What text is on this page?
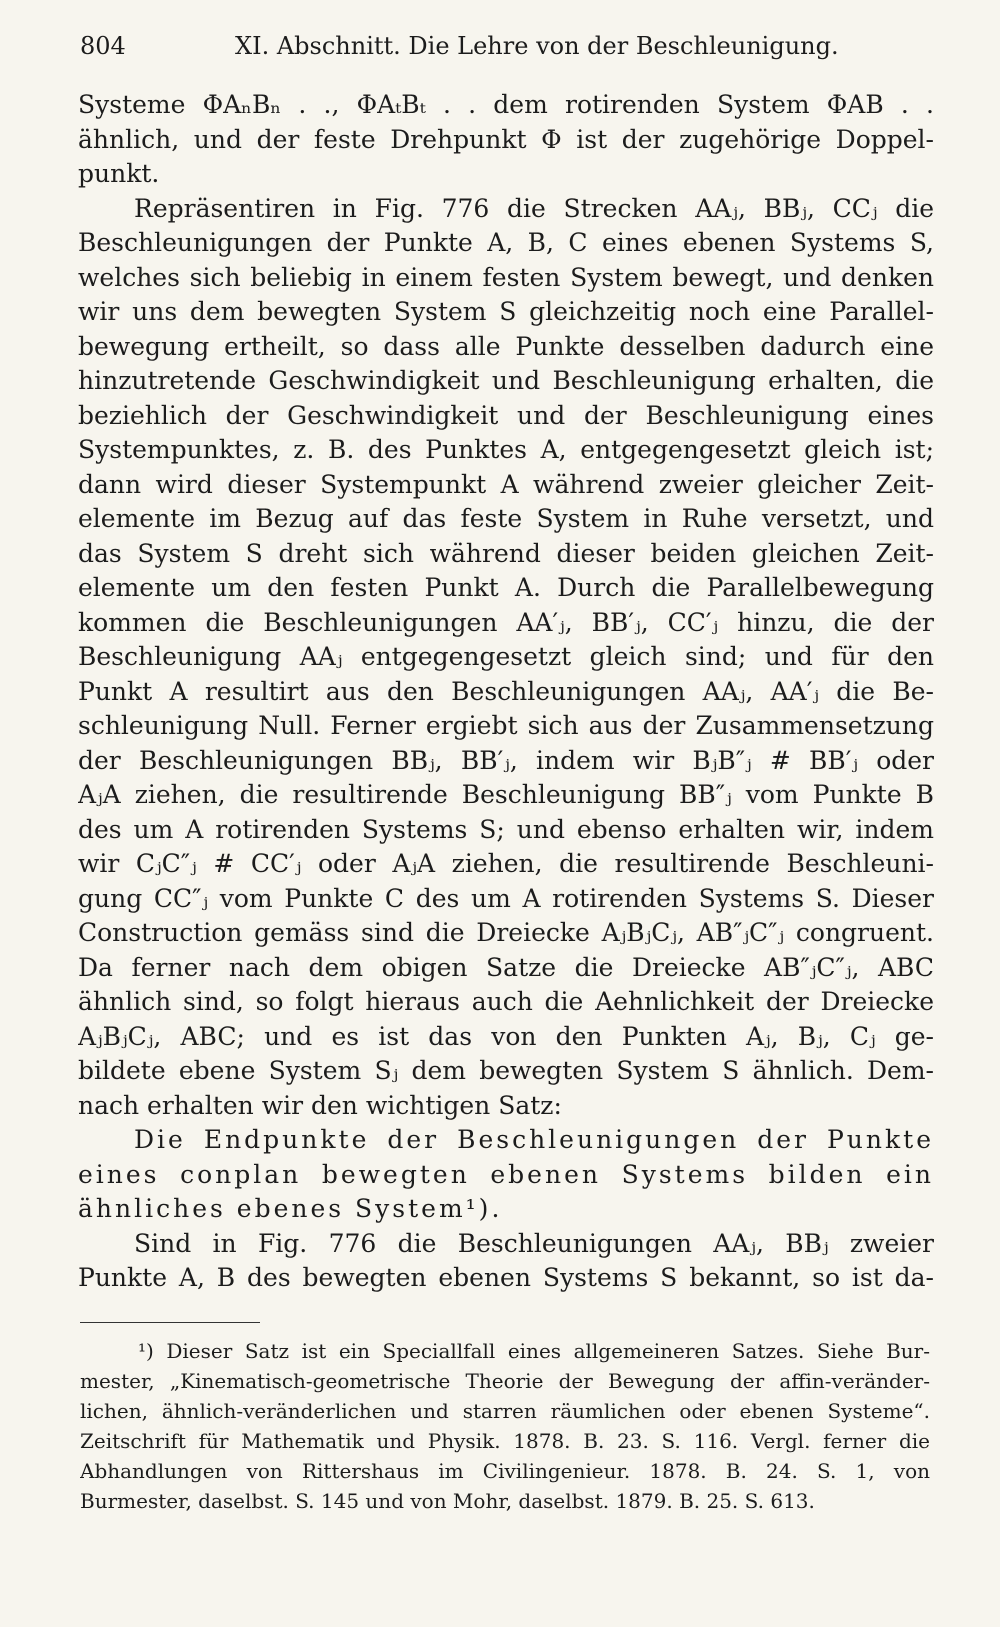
804	XI. Abschnitt. Die Lehre von der Beschleunigung.
Systeme ΦAₙBₙ . ., ΦAₜBₜ . . dem rotirenden System ΦAB . .
ähnlich, und der feste Drehpunkt Φ ist der zugehörige Doppel-
punkt.
Repräsentiren in Fig. 776 die Strecken AAⱼ, BBⱼ, CCⱼ die
Beschleunigungen der Punkte A, B, C eines ebenen Systems S,
welches sich beliebig in einem festen System bewegt, und denken
wir uns dem bewegten System S gleichzeitig noch eine Parallel-
bewegung ertheilt, so dass alle Punkte desselben dadurch eine
hinzutretende Geschwindigkeit und Beschleunigung erhalten, die
beziehlich der Geschwindigkeit und der Beschleunigung eines
Systempunktes, z. B. des Punktes A, entgegengesetzt gleich ist;
dann wird dieser Systempunkt A während zweier gleicher Zeit-
elemente im Bezug auf das feste System in Ruhe versetzt, und
das System S dreht sich während dieser beiden gleichen Zeit-
elemente um den festen Punkt A. Durch die Parallelbewegung
kommen die Beschleunigungen AA′ⱼ, BB′ⱼ, CC′ⱼ hinzu, die der
Beschleunigung AAⱼ entgegengesetzt gleich sind; und für den
Punkt A resultirt aus den Beschleunigungen AAⱼ, AA′ⱼ die Be-
schleunigung Null. Ferner ergiebt sich aus der Zusammensetzung
der Beschleunigungen BBⱼ, BB′ⱼ, indem wir BⱼB″ⱼ # BB′ⱼ oder
AⱼA ziehen, die resultirende Beschleunigung BB″ⱼ vom Punkte B
des um A rotirenden Systems S; und ebenso erhalten wir, indem
wir CⱼC″ⱼ # CC′ⱼ oder AⱼA ziehen, die resultirende Beschleuni-
gung CC″ⱼ vom Punkte C des um A rotirenden Systems S. Dieser
Construction gemäss sind die Dreiecke AⱼBⱼCⱼ, AB″ⱼC″ⱼ congruent.
Da ferner nach dem obigen Satze die Dreiecke AB″ⱼC″ⱼ, ABC
ähnlich sind, so folgt hieraus auch die Aehnlichkeit der Dreiecke
AⱼBⱼCⱼ, ABC; und es ist das von den Punkten Aⱼ, Bⱼ, Cⱼ ge-
bildete ebene System Sⱼ dem bewegten System S ähnlich. Dem-
nach erhalten wir den wichtigen Satz:
Die Endpunkte der Beschleunigungen der Punkte
eines conplan bewegten ebenen Systems bilden ein
ähnliches ebenes System¹).
Sind in Fig. 776 die Beschleunigungen AAⱼ, BBⱼ zweier
Punkte A, B des bewegten ebenen Systems S bekannt, so ist da-
¹) Dieser Satz ist ein Speciallfall eines allgemeineren Satzes. Siehe Bur-
mester, „Kinematisch-geometrische Theorie der Bewegung der affin-veränder-
lichen, ähnlich-veränderlichen und starren räumlichen oder ebenen Systeme“.
Zeitschrift für Mathematik und Physik. 1878. B. 23. S. 116. Vergl. ferner die
Abhandlungen von Rittershaus im Civilingenieur. 1878. B. 24. S. 1, von
Burmester, daselbst. S. 145 und von Mohr, daselbst. 1879. B. 25. S. 613.
